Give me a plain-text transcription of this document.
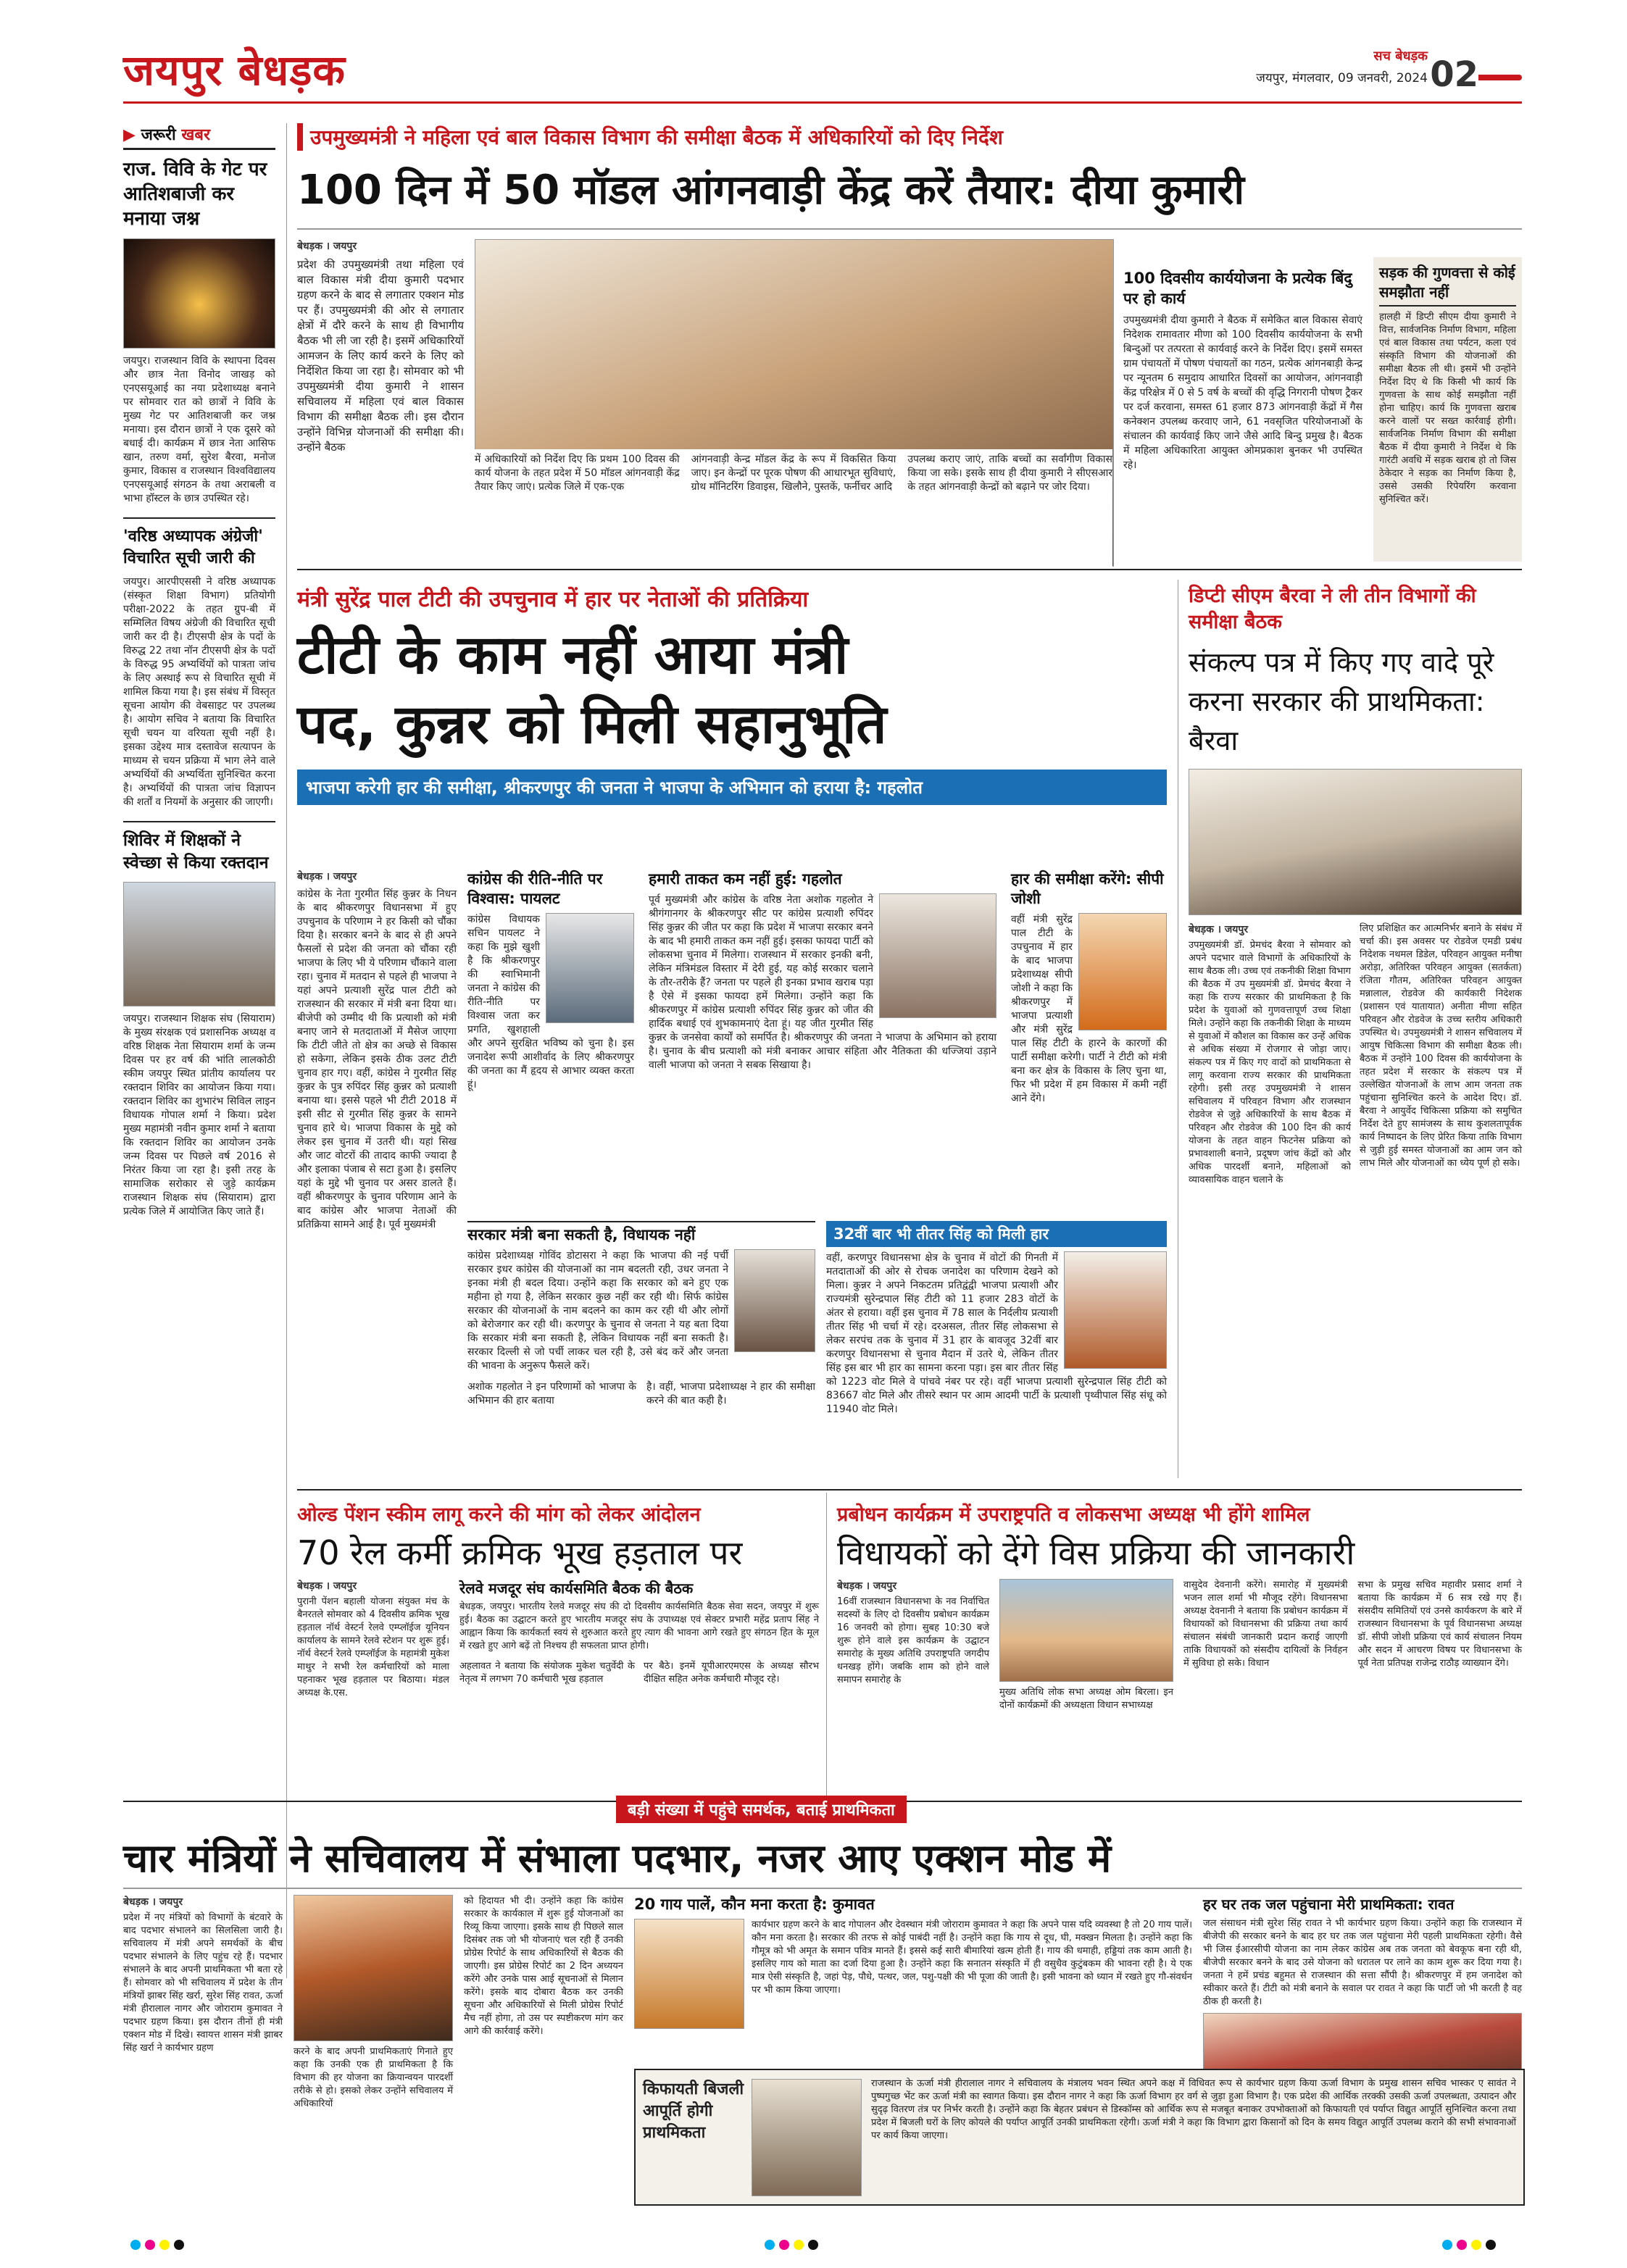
जयपुर बेधड़क	सच बेधड़क
जयपुर, मंगलवार, 09 जनवरी, 2024 02
▶ जरूरी खबर
राज. विवि के गेट पर आतिशबाजी कर मनाया जश्न
जयपुर। राजस्थान विवि के स्थापना दिवस और छात्र नेता विनोद जाखड़ को एनएसयूआई का नया प्रदेशाध्यक्ष बनाने पर सोमवार रात को छात्रों ने विवि के मुख्य गेट पर आतिशबाजी कर जश्न मनाया। इस दौरान छात्रों ने एक दूसरे को बधाई दी। कार्यक्रम में छात्र नेता आसिफ खान, तरुण वर्मा, सुरेश बैरवा, मनोज कुमार, विकास व राजस्थान विश्वविद्यालय एनएसयूआई संगठन के तथा अराबली व भाभा हॉस्टल के छात्र उपस्थित रहे।
'वरिष्ठ अध्यापक अंग्रेजी' विचारित सूची जारी की
जयपुर। आरपीएससी ने वरिष्ठ अध्यापक (संस्कृत शिक्षा विभाग) प्रतियोगी परीक्षा-2022 के तहत ग्रुप-बी में सम्मिलित विषय अंग्रेजी की विचारित सूची जारी कर दी है। टीएसपी क्षेत्र के पदों के विरुद्ध 22 तथा नॉन टीएसपी क्षेत्र के पदों के विरुद्ध 95 अभ्यर्थियों को पात्रता जांच के लिए अस्थाई रूप से विचारित सूची में शामिल किया गया है। इस संबंध में विस्तृत सूचना आयोग की वेबसाइट पर उपलब्ध है। आयोग सचिव ने बताया कि विचारित सूची चयन या वरियता सूची नहीं है। इसका उद्देश्य मात्र दस्तावेज सत्यापन के माध्यम से चयन प्रक्रिया में भाग लेने वाले अभ्यर्थियों की अभ्यर्थिता सुनिश्चित करना है। अभ्यर्थियों की पात्रता जांच विज्ञापन की शर्तों व नियमों के अनुसार की जाएगी।
शिविर में शिक्षकों ने स्वेच्छा से किया रक्तदान
जयपुर। राजस्थान शिक्षक संघ (सियाराम) के मुख्य संरक्षक एवं प्रशासनिक अध्यक्ष व वरिष्ठ शिक्षक नेता सियाराम शर्मा के जन्म दिवस पर हर वर्ष की भांति लालकोठी स्कीम जयपुर स्थित प्रांतीय कार्यालय पर रक्तदान शिविर का आयोजन किया गया। रक्तदान शिविर का शुभारंभ सिविल लाइन विधायक गोपाल शर्मा ने किया। प्रदेश मुख्य महामंत्री नवीन कुमार शर्मा ने बताया कि रक्तदान शिविर का आयोजन उनके जन्म दिवस पर पिछले वर्ष 2016 से निरंतर किया जा रहा है। इसी तरह के सामाजिक सरोकार से जुड़े कार्यक्रम राजस्थान शिक्षक संघ (सियाराम) द्वारा प्रत्येक जिले में आयोजित किए जाते हैं।
उपमुख्यमंत्री ने महिला एवं बाल विकास विभाग की समीक्षा बैठक में अधिकारियों को दिए निर्देश
100 दिन में 50 मॉडल आंगनवाड़ी केंद्र करें तैयार: दीया कुमारी
बेधड़क । जयपुर
प्रदेश की उपमुख्यमंत्री तथा महिला एवं बाल विकास मंत्री दीया कुमारी पदभार ग्रहण करने के बाद से लगातार एक्शन मोड पर हैं। उपमुख्यमंत्री की ओर से लगातार क्षेत्रों में दौरे करने के साथ ही विभागीय बैठक भी ली जा रही है। इसमें अधिकारियों आमजन के लिए कार्य करने के लिए को निर्देशित किया जा रहा है। सोमवार को भी उपमुख्यमंत्री दीया कुमारी ने शासन सचिवालय में महिला एवं बाल विकास विभाग की समीक्षा बैठक ली। इस दौरान उन्होंने विभिन्न योजनाओं की समीक्षा की। उन्होंने बैठक
100 दिवसीय कार्ययोजना के प्रत्येक बिंदु पर हो कार्य
उपमुख्यमंत्री दीया कुमारी ने बैठक में समेकित बाल विकास सेवाएं निदेशक रामावतार मीणा को 100 दिवसीय कार्ययोजना के सभी बिन्दुओं पर तत्परता से कार्यवाई करने के निर्देश दिए। इसमें समस्त ग्राम पंचायतों में पोषण पंचायतों का गठन, प्रत्येक आंगनबाड़ी केन्द्र पर न्यूनतम 6 समुदाय आधारित दिवसों का आयोजन, आंगनवाड़ी केंद्र परिक्षेत्र में 0 से 5 वर्ष के बच्चों की वृद्धि निगरानी पोषण ट्रैकर पर दर्ज करवाना, समस्त 61 हजार 873 आंगनवाड़ी केंद्रों में गैस कनेक्शन उपलब्ध करवाए जाने, 61 नवसृजित परियोजनाओं के संचालन की कार्यवाई किए जाने जैसे आदि बिन्दु प्रमुख है। बैठक में महिला अधिकारिता आयुक्त ओमप्रकाश बुनकर भी उपस्थित रहे।
सड़क की गुणवत्ता से कोई समझौता नहीं
हालही में डिप्टी सीएम दीया कुमारी ने वित्त, सार्वजनिक निर्माण विभाग, महिला एवं बाल विकास तथा पर्यटन, कला एवं संस्कृति विभाग की योजनाओं की समीक्षा बैठक ली थी। इसमें भी उन्होंने निर्देश दिए थे कि किसी भी कार्य कि गुणवत्ता के साथ कोई समझौता नहीं होना चाहिए। कार्य कि गुणवत्ता खराब करने वालों पर सख्त कार्रवाई होगी। सार्वजनिक निर्माण विभाग की समीक्षा बैठक में दीया कुमारी ने निर्देश थे कि गारंटी अवधि में सड़क खराब हो तो जिस ठेकेदार ने सड़क का निर्माण किया है, उससे उसकी रिपेयरिंग करवाना सुनिश्चित करें।
में अधिकारियों को निर्देश दिए कि प्रथम 100 दिवस की कार्य योजना के तहत प्रदेश में 50 मॉडल आंगनवाड़ी केंद्र तैयार किए जाएं। प्रत्येक जिले में एक-एक
आंगनवाड़ी केन्द्र मॉडल केंद्र के रूप में विकसित किया जाए। इन केन्द्रों पर पूरक पोषण की आधारभूत सुविधाएं, ग्रोथ मॉनिटरिंग डिवाइस, खिलौने, पुस्तकें, फर्नीचर आदि
उपलब्ध कराए जाएं, ताकि बच्चों का सर्वांगीण विकास किया जा सके। इसके साथ ही दीया कुमारी ने सीएसआर के तहत आंगनवाड़ी केन्द्रों को बढ़ाने पर जोर दिया।
मंत्री सुरेंद्र पाल टीटी की उपचुनाव में हार पर नेताओं की प्रतिक्रिया
टीटी के काम नहीं आया मंत्री
पद, कुन्नर को मिली सहानुभूति
भाजपा करेगी हार की समीक्षा, श्रीकरणपुर की जनता ने भाजपा के अभिमान को हराया है: गहलोत
बेधड़क । जयपुर
कांग्रेस के नेता गुरमीत सिंह कुन्नर के निधन के बाद श्रीकरणपुर विधानसभा में हुए उपचुनाव के परिणाम ने हर किसी को चौंका दिया है। सरकार बनने के बाद से ही अपने फैसलों से प्रदेश की जनता को चौंका रही भाजपा के लिए भी ये परिणाम चौंकाने वाला रहा। चुनाव में मतदान से पहले ही भाजपा ने यहां अपने प्रत्याशी सुरेंद्र पाल टीटी को राजस्थान की सरकार में मंत्री बना दिया था। बीजेपी को उम्मीद थी कि प्रत्याशी को मंत्री बनाए जाने से मतदाताओं में मैसेज जाएगा कि टीटी जीते तो क्षेत्र का अच्छे से विकास हो सकेगा, लेकिन इसके ठीक उलट टीटी चुनाव हार गए। वहीं, कांग्रेस ने गुरमीत सिंह कुन्नर के पुत्र रुपिंदर सिंह कुन्नर को प्रत्याशी बनाया था। इससे पहले भी टीटी 2018 में इसी सीट से गुरमीत सिंह कुन्नर के सामने चुनाव हारे थे। भाजपा विकास के मुद्दे को लेकर इस चुनाव में उतरी थी। यहां सिख और जाट वोटरों की तादाद काफी ज्यादा है और इलाका पंजाब से सटा हुआ है। इसलिए यहां के मुद्दे भी चुनाव पर असर डालते हैं। वहीं श्रीकरणपुर के चुनाव परिणाम आने के बाद कांग्रेस और भाजपा नेताओं की प्रतिक्रिया सामने आई है। पूर्व मुख्यमंत्री
कांग्रेस की रीति-नीति पर विश्वास: पायलट
कांग्रेस विधायक सचिन पायलट ने कहा कि मुझे खुशी है कि श्रीकरणपुर की स्वाभिमानी जनता ने कांग्रेस की रीति-नीति पर विश्वास जता कर प्रगति, खुशहाली और अपने सुरक्षित भविष्य को चुना है। इस जनादेश रूपी आशीर्वाद के लिए श्रीकरणपुर की जनता का मैं हृदय से आभार व्यक्त करता हूं।
हमारी ताकत कम नहीं हुई: गहलोत
पूर्व मुख्यमंत्री और कांग्रेस के वरिष्ठ नेता अशोक गहलोत ने श्रीगंगानगर के श्रीकरणपुर सीट पर कांग्रेस प्रत्याशी रुपिंदर सिंह कुन्नर की जीत पर कहा कि प्रदेश में भाजपा सरकार बनने के बाद भी हमारी ताकत कम नहीं हुई। इसका फायदा पार्टी को लोकसभा चुनाव में मिलेगा। राजस्थान में सरकार इनकी बनी, लेकिन मंत्रिमंडल विस्तार में देरी हुई, यह कोई सरकार चलाने के तौर-तरीके हैं? जनता पर पहले ही इनका प्रभाव खराब पड़ा है ऐसे में इसका फायदा हमें मिलेगा। उन्होंने कहा कि श्रीकरणपुर में कांग्रेस प्रत्याशी रुपिंदर सिंह कुन्नर को जीत की हार्दिक बधाई एवं शुभकामनाएं देता हूं। यह जीत गुरमीत सिंह कुन्नर के जनसेवा कार्यों को समर्पित है। श्रीकरणपुर की जनता ने भाजपा के अभिमान को हराया है। चुनाव के बीच प्रत्याशी को मंत्री बनाकर आचार संहिता और नैतिकता की धज्जियां उड़ाने वाली भाजपा को जनता ने सबक सिखाया है।
हार की समीक्षा करेंगे: सीपी जोशी
वहीं मंत्री सुरेंद्र पाल टीटी के उपचुनाव में हार के बाद भाजपा प्रदेशाध्यक्ष सीपी जोशी ने कहा कि श्रीकरणपुर में भाजपा प्रत्याशी और मंत्री सुरेंद्र पाल सिंह टीटी के हारने के कारणों की पार्टी समीक्षा करेगी। पार्टी ने टीटी को मंत्री बना कर क्षेत्र के विकास के लिए चुना था, फिर भी प्रदेश में हम विकास में कमी नहीं आने देंगे।
सरकार मंत्री बना सकती है, विधायक नहीं
कांग्रेस प्रदेशाध्यक्ष गोविंद डोटासरा ने कहा कि भाजपा की नई पर्ची सरकार इधर कांग्रेस की योजनाओं का नाम बदलती रही, उधर जनता ने इनका मंत्री ही बदल दिया। उन्होंने कहा कि सरकार को बने हुए एक महीना हो गया है, लेकिन सरकार कुछ नहीं कर रही थी। सिर्फ कांग्रेस सरकार की योजनाओं के नाम बदलने का काम कर रही थी और लोगों को बेरोजगार कर रही थी। करणपुर के चुनाव से जनता ने यह बता दिया कि सरकार मंत्री बना सकती है, लेकिन विधायक नहीं बना सकती है। सरकार दिल्ली से जो पर्ची लाकर चल रही है, उसे बंद करें और जनता की भावना के अनुरूप फैसले करें।
अशोक गहलोत ने इन परिणामों को भाजपा के अभिमान की हार बताया
है। वहीं, भाजपा प्रदेशाध्यक्ष ने हार की समीक्षा करने की बात कही है।
32वीं बार भी तीतर सिंह को मिली हार
वहीं, करणपुर विधानसभा क्षेत्र के चुनाव में वोटों की गिनती में मतदाताओं की ओर से रोचक जनादेश का परिणाम देखने को मिला। कुन्नर ने अपने निकटतम प्रतिद्वंद्वी भाजपा प्रत्याशी और राज्यमंत्री सुरेन्द्रपाल सिंह टीटी को 11 हजार 283 वोटों के अंतर से हराया। वहीं इस चुनाव में 78 साल के निर्दलीय प्रत्याशी तीतर सिंह भी चर्चा में रहे। दरअसल, तीतर सिंह लोकसभा से लेकर सरपंच तक के चुनाव में 31 हार के बावजूद 32वीं बार करणपुर विधानसभा से चुनाव मैदान में उतरे थे, लेकिन तीतर सिंह इस बार भी हार का सामना करना पड़ा। इस बार तीतर सिंह को 1223 वोट मिले वे पांचवे नंबर पर रहे। वहीं भाजपा प्रत्याशी सुरेन्द्रपाल सिंह टीटी को 83667 वोट मिले और तीसरे स्थान पर आम आदमी पार्टी के प्रत्याशी पृथ्वीपाल सिंह संधू को 11940 वोट मिले।
डिप्टी सीएम बैरवा ने ली तीन विभागों की समीक्षा बैठक
संकल्प पत्र में किए गए वादे पूरे करना सरकार की प्राथमिकता: बैरवा
बेधड़क । जयपुर
उपमुख्यमंत्री डॉ. प्रेमचंद बैरवा ने सोमवार को अपने पदभार वाले विभागों के अधिकारियों के साथ बैठक ली। उच्च एवं तकनीकी शिक्षा विभाग की बैठक में उप मुख्यमंत्री डॉ. प्रेमचंद बैरवा ने कहा कि राज्य सरकार की प्राथमिकता है कि प्रदेश के युवाओं को गुणवत्तापूर्ण उच्च शिक्षा मिले। उन्होंने कहा कि तकनीकी शिक्षा के माध्यम से युवाओं में कौशल का विकास कर उन्हें अधिक से अधिक संख्या में रोजगार से जोड़ा जाए। संकल्प पत्र में किए गए वादों को प्राथमिकता से लागू करवाना राज्य सरकार की प्राथमिकता रहेगी। इसी तरह उपमुख्यमंत्री ने शासन सचिवालय में परिवहन विभाग और राजस्थान रोडवेज से जुड़े अधिकारियों के साथ बैठक में परिवहन और रोडवेज की 100 दिन की कार्य योजना के तहत वाहन फिटनेस प्रक्रिया को प्रभावशाली बनाने, प्रदूषण जांच केंद्रों को और अधिक पारदर्शी बनाने, महिलाओं को व्यावसायिक वाहन चलाने के
लिए प्रशिक्षित कर आत्मनिर्भर बनाने के संबंध में चर्चा की। इस अवसर पर रोडवेज एमडी प्रबंध निदेशक नथमल डिडेल, परिवहन आयुक्त मनीषा अरोड़ा, अतिरिक्त परिवहन आयुक्त (सतर्कता) रंजिता गौतम, अतिरिक्त परिवहन आयुक्त मन्नालाल, रोडवेज की कार्यकारी निदेशक (प्रशासन एवं यातायात) अनीता मीणा सहित परिवहन और रोडवेज के उच्च स्तरीय अधिकारी उपस्थित थे। उपमुख्यमंत्री ने शासन सचिवालय में आयुष चिकित्सा विभाग की समीक्षा बैठक ली। बैठक में उन्होंने 100 दिवस की कार्ययोजना के तहत प्रदेश में सरकार के संकल्प पत्र में उल्लेखित योजनाओं के लाभ आम जनता तक पहुंचाना सुनिश्चित करने के आदेश दिए। डॉ. बैरवा ने आयुर्वेद चिकित्सा प्रक्रिया को समुचित निर्देश देते हुए सामंजस्य के साथ कुशलतापूर्वक कार्य निष्पादन के लिए प्रेरित किया ताकि विभाग से जुड़ी हुई समस्त योजनाओं का आम जन को लाभ मिले और योजनाओं का ध्येय पूर्ण हो सके।
ओल्ड पेंशन स्कीम लागू करने की मांग को लेकर आंदोलन
70 रेल कर्मी क्रमिक भूख हड़ताल पर
बेधड़क । जयपुर
पुरानी पेंशन बहाली योजना संयुक्त मंच के बैनरतले सोमवार को 4 दिवसीय क्रमिक भूख हड़ताल नॉर्थ वेस्टर्न रेलवे एम्प्लॉईज यूनियन कार्यालय के सामने रेलवे स्टेशन पर शुरू हुई। नॉर्थ वेस्टर्न रेलवे एम्प्लॉईज के महामंत्री मुकेश माथुर ने सभी रेल कर्मचारियों को माला पहनाकर भूख हड़ताल पर बिठाया। मंडल अध्यक्ष के.एस.
रेलवे मजदूर संघ कार्यसमिति बैठक की बैठक
बेधड़क, जयपुर। भारतीय रेलवे मजदूर संघ की दो दिवसीय कार्यसमिति बैठक सेवा सदन, जयपुर में शुरू हुई। बैठक का उद्घाटन करते हुए भारतीय मजदूर संघ के उपाध्यक्ष एवं सेक्टर प्रभारी महेंद्र प्रताप सिंह ने आह्वान किया कि कार्यकर्ता स्वयं से शुरुआत करते हुए त्याग की भावना आगे रखते हुए संगठन हित के मूल में रखते हुए आगे बढ़ें तो निश्चय ही सफलता प्राप्त होगी।
अहलावत ने बताया कि संयोजक मुकेश चतुर्वेदी के नेतृत्व में लगभग 70 कर्मचारी भूख हड़ताल
पर बैठे। इनमें यूपीआरएमएस के अध्यक्ष सौरभ दीक्षित सहित अनेक कर्मचारी मौजूद रहे।
प्रबोधन कार्यक्रम में उपराष्ट्रपति व लोकसभा अध्यक्ष भी होंगे शामिल
विधायकों को देंगे विस प्रक्रिया की जानकारी
बेधड़क । जयपुर
16वीं राजस्थान विधानसभा के नव निर्वाचित सदस्यों के लिए दो दिवसीय प्रबोधन कार्यक्रम 16 जनवरी को होगा। सुबह 10:30 बजे शुरू होने वाले इस कार्यक्रम के उद्घाटन समारोह के मुख्य अतिथि उपराष्ट्रपति जगदीप धनखड़ होंगे। जबकि शाम को होने वाले समापन समारोह के
मुख्य अतिथि लोक सभा अध्यक्ष ओम बिरला। इन दोनों कार्यक्रमों की अध्यक्षता विधान सभाध्यक्ष
वासुदेव देवनानी करेंगे। समारोह में मुख्यमंत्री भजन लाल शर्मा भी मौजूद रहेंगे। विधानसभा अध्यक्ष देवनानी ने बताया कि प्रबोधन कार्यक्रम में विधायकों को विधानसभा की प्रक्रिया तथा कार्य संचालन संबंधी जानकारी प्रदान कराई जाएगी ताकि विधायकों को संसदीय दायित्वों के निर्वहन में सुविधा हो सके। विधान
सभा के प्रमुख सचिव महावीर प्रसाद शर्मा ने बताया कि कार्यक्रम में 6 सत्र रखे गए हैं। संसदीय समितियों एवं उनसे कार्यकरण के बारे में राजस्थान विधानसभा के पूर्व विधानसभा अध्यक्ष डॉ. सीपी जोशी प्रक्रिया एवं कार्य संचालन नियम और सदन में आचरण विषय पर विधानसभा के पूर्व नेता प्रतिपक्ष राजेन्द्र राठौड़ व्याख्यान देंगे।
बड़ी संख्या में पहुंचे समर्थक, बताई प्राथमिकता
चार मंत्रियों ने सचिवालय में संभाला पदभार, नजर आए एक्शन मोड में
बेधड़क । जयपुर
प्रदेश में नए मंत्रियों को विभागों के बंटवारे के बाद पदभार संभालने का सिलसिला जारी है। सचिवालय में मंत्री अपने समर्थकों के बीच पदभार संभालने के लिए पहुंच रहे हैं। पदभार संभालने के बाद अपनी प्राथमिकता भी बता रहे हैं। सोमवार को भी सचिवालय में प्रदेश के तीन मंत्रियों झाबर सिंह खर्रा, सुरेश सिंह रावत, ऊर्जा मंत्री हीरालाल नागर और जोराराम कुमावत ने पदभार ग्रहण किया। इस दौरान तीनों ही मंत्री एक्शन मोड में दिखे। स्वायत्त शासन मंत्री झाबर सिंह खर्रा ने कार्यभार ग्रहण	करने के बाद अपनी प्राथमिकताएं गिनाते हुए कहा कि उनकी एक ही प्राथमिकता है कि विभाग की हर योजना का क्रियान्वयन पारदर्शी तरीके से हो। इसको लेकर उन्होंने सचिवालय में अधिकारियों
को हिदायत भी दी। उन्होंने कहा कि कांग्रेस सरकार के कार्यकाल में शुरू हुई योजनाओं का रिव्यू किया जाएगा। इसके साथ ही पिछले साल दिसंबर तक जो भी योजनाएं चल रही हैं उनकी प्रोग्रेस रिपोर्ट के साथ अधिकारियों से बैठक की जाएगी। इस प्रोग्रेस रिपोर्ट का 2 दिन अध्ययन करेंगे और उनके पास आई सूचनाओं से मिलान करेंगे। इसके बाद दोबारा बैठक कर उनकी सूचना और अधिकारियों से मिली प्रोग्रेस रिपोर्ट मैच नहीं होगा, तो उस पर स्पष्टीकरण मांग कर आगे की कार्रवाई करेंगे।
20 गाय पालें, कौन मना करता है: कुमावत
कार्यभार ग्रहण करने के बाद गोपालन और देवस्थान मंत्री जोराराम कुमावत ने कहा कि अपने पास यदि व्यवस्था है तो 20 गाय पालें। कौन मना करता है। सरकार की तरफ से कोई पाबंदी नहीं है। उन्होंने कहा कि गाय से दूध, घी, मक्खन मिलता है। उन्होंने कहा कि गौमूत्र को भी अमृत के समान पवित्र मानते हैं। इससे कई सारी बीमारियां खत्म होती हैं। गाय की धमाही, हड्डियां तक काम आती है। इसलिए गाय को माता का दर्जा दिया हुआ है। उन्होंने कहा कि सनातन संस्कृति में ही वसुधैव कुटुंबकम की भावना रही है। ये एक मात्र ऐसी संस्कृति है, जहां पेड़, पौधे, पत्थर, जल, पशु-पक्षी की भी पूजा की जाती है। इसी भावना को ध्यान में रखते हुए गौ-संवर्धन पर भी काम किया जाएगा।
हर घर तक जल पहुंचाना मेरी प्राथमिकता: रावत
जल संसाधन मंत्री सुरेश सिंह रावत ने भी कार्यभार ग्रहण किया। उन्होंने कहा कि राजस्थान में बीजेपी की सरकार बनने के बाद हर घर तक जल पहुंचाना मेरी पहली प्राथमिकता रहेगी। वैसे भी जिस ईआरसीपी योजना का नाम लेकर कांग्रेस अब तक जनता को बेवकूफ बना रही थी, बीजेपी सरकार बनने के बाद उसे योजना को धरातल पर लाने का काम शुरू कर दिया गया है। जनता ने हमें प्रचंड बहुमत से राजस्थान की सत्ता सौंपी है। श्रीकरणपुर में हम जनादेश को स्वीकार करते हैं। टीटी को मंत्री बनाने के सवाल पर रावत ने कहा कि पार्टी जो भी करती है वह ठीक ही करती है।
किफायती बिजली आपूर्ति होगी प्राथमिकता
राजस्थान के ऊर्जा मंत्री हीरालाल नागर ने सचिवालय के मंत्रालय भवन स्थित अपने कक्ष में विधिवत रूप से कार्यभार ग्रहण किया ऊर्जा विभाग के प्रमुख शासन सचिव भास्कर ए सावंत ने पुष्पगुच्छ भेंट कर ऊर्जा मंत्री का स्वागत किया। इस दौरान नागर ने कहा कि ऊर्जा विभाग हर वर्ग से जुड़ा हुआ विभाग है। एक प्रदेश की आर्थिक तरक्की उसकी ऊर्जा उपलब्धता, उत्पादन और सुदृढ़ वितरण तंत्र पर निर्भर करती है। उन्होंने कहा कि बेहतर प्रबंधन से डिस्कॉम्स को आर्थिक रूप से मजबूत बनाकर उपभोक्ताओं को किफायती एवं पर्याप्त विद्युत आपूर्ति सुनिश्चित करना तथा प्रदेश में बिजली घरों के लिए कोयले की पर्याप्त आपूर्ति उनकी प्राथमिकता रहेगी। ऊर्जा मंत्री ने कहा कि विभाग द्वारा किसानों को दिन के समय विद्युत आपूर्ति उपलब्ध कराने की सभी संभावनाओं पर कार्य किया जाएगा।
